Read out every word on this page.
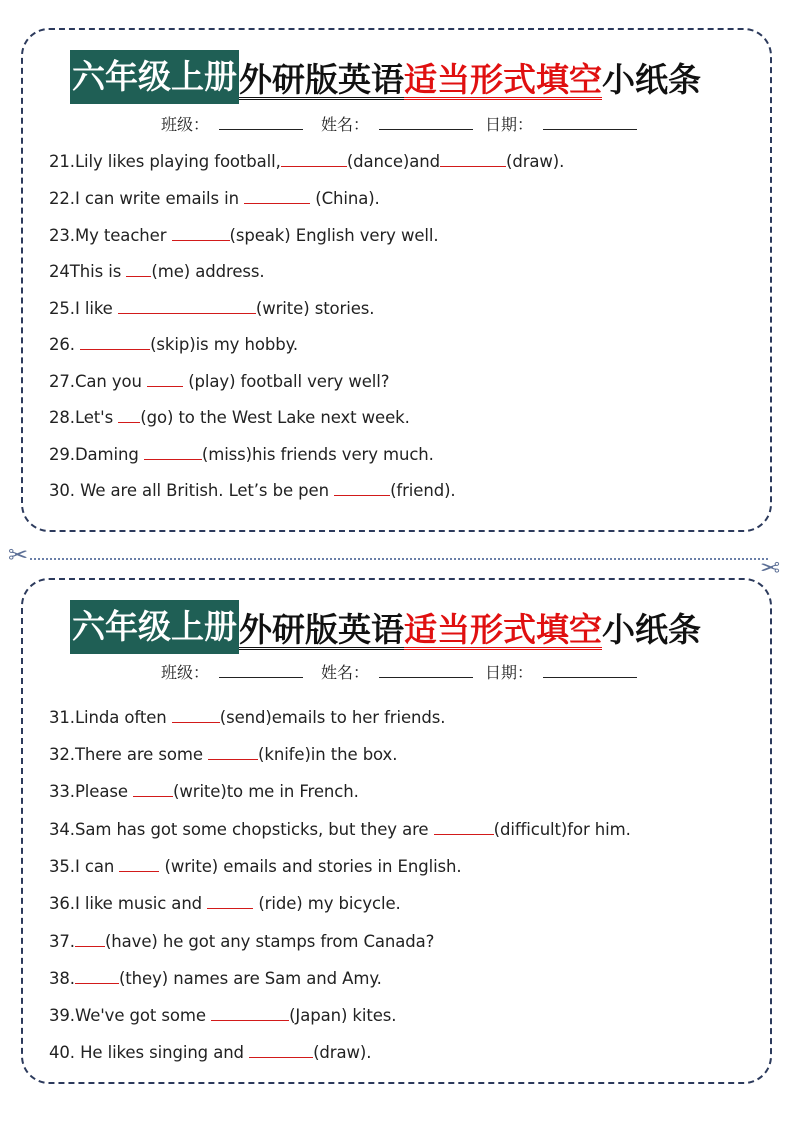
六年级上册 外研版英语 适当形式填空 小纸条
班级：	姓名：	日期：
21.Lily likes playing football,	(dance)and	(draw).
22.I can write emails in	(China).
23.My teacher	(speak) English very well.
24This is (me) address.
25.I like	(write) stories.
26.	(skip)is my hobby.
27.Can you  (play) football very well?
28.Let's (go) to the West Lake next week.
29.Daming	(miss)his friends very much.
30. We are all British. Let’s be pen	(friend).
✂	✂
六年级上册 外研版英语 适当形式填空 小纸条
班级：	姓名：	日期：
31.Linda often	(send)emails to her friends.
32.There are some	(knife)in the box.
33.Please (write)to me in French.
34.Sam has got some chopsticks, but they are	(difficult)for him.
35.I can  (write) emails and stories in English.
36.I like music and	(ride) my bicycle.
37. (have) he got any stamps from Canada?
38.	(they) names are Sam and Amy.
39.We've got some	(Japan) kites.
40. He likes singing and	(draw).
